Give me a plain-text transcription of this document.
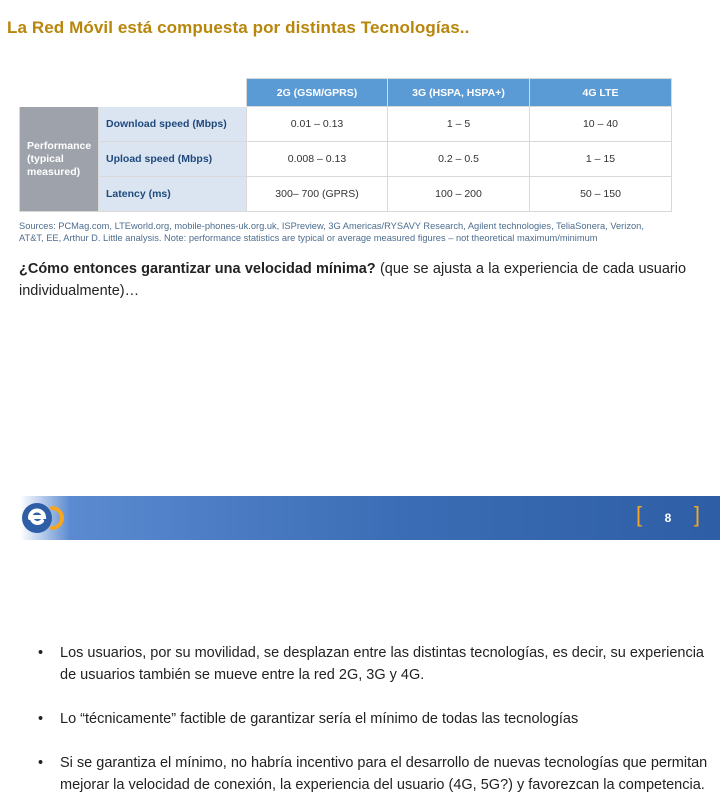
La Red Móvil está compuesta por distintas Tecnologías..
		2G (GSM/GPRS)	3G (HSPA, HSPA+)	4G LTE

Performance
(typical
measured)	Download speed (Mbps)	0.01 – 0.13	1 – 5	10 – 40
	Upload speed (Mbps)	0.008 – 0.13	0.2 – 0.5	1 – 15
	Latency (ms)	300– 700 (GPRS)	100 – 200	50 – 150
Sources: PCMag.com, LTEworld.org, mobile-phones-uk.org.uk, ISPreview, 3G Americas/RYSAVY Research, Agilent technologies, TeliaSonera, Verizon,
AT&T, EE, Arthur D. Little analysis. Note: performance statistics are typical or average measured figures – not theoretical maximum/minimum

¿Cómo entonces garantizar una velocidad mínima? (que se ajusta a la experiencia de cada usuario individualmente)…

• Los usuarios, por su movilidad, se desplazan entre las distintas tecnologías, es decir, su experiencia de usuarios también se mueve entre la red 2G, 3G y 4G.
• Lo “técnicamente” factible de garantizar sería el mínimo de todas las tecnologías
• Si se garantiza el mínimo, no habría incentivo para el desarrollo de nuevas tecnologías que permitan mejorar la velocidad de conexión, la experiencia del usuario (4G, 5G?) y favorezcan la competencia.
[	8 ]
